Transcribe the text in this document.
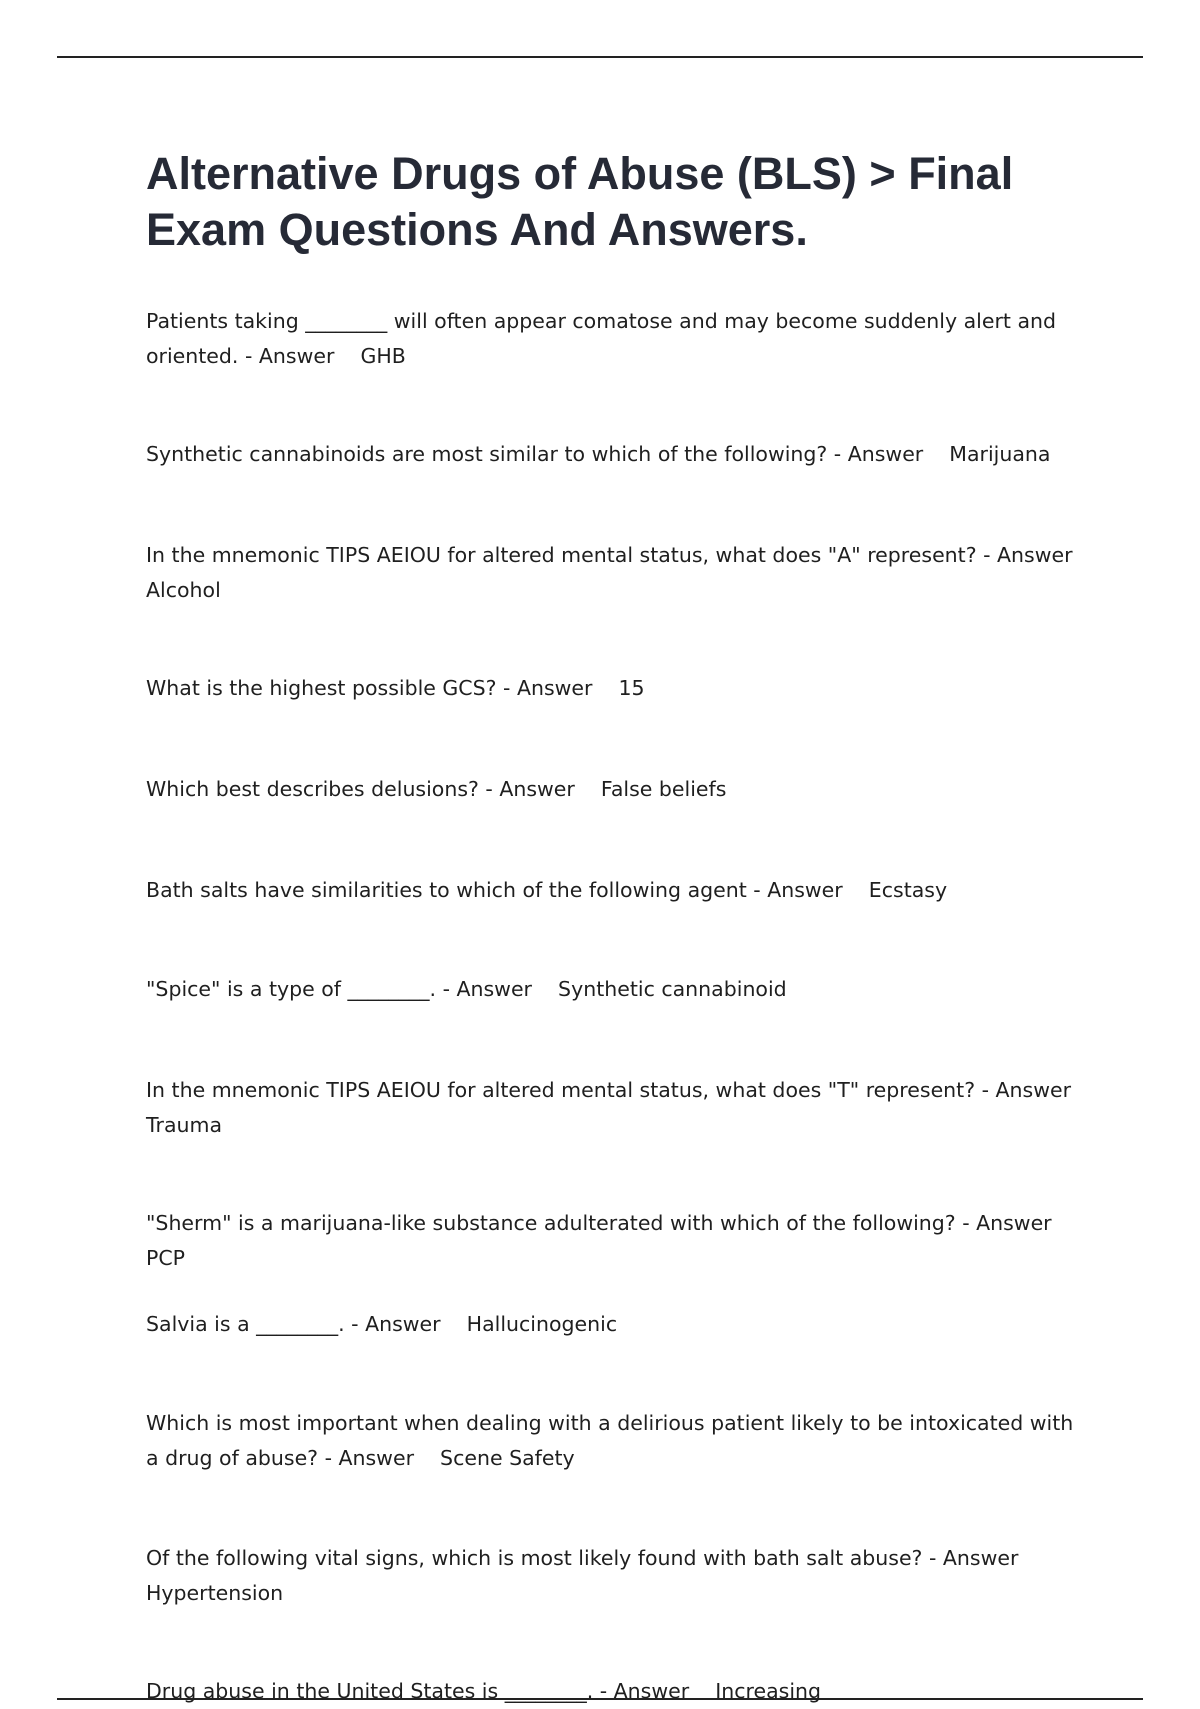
Alternative Drugs of Abuse (BLS) > Final Exam Questions And Answers.

Patients taking ________ will often appear comatose and may become suddenly alert and oriented. - Answer    GHB

Synthetic cannabinoids are most similar to which of the following? - Answer    Marijuana

In the mnemonic TIPS AEIOU for altered mental status, what does "A" represent? - Answer    Alcohol

What is the highest possible GCS? - Answer    15

Which best describes delusions? - Answer    False beliefs

Bath salts have similarities to which of the following agent - Answer    Ecstasy

"Spice" is a type of ________. - Answer    Synthetic cannabinoid

In the mnemonic TIPS AEIOU for altered mental status, what does "T" represent? - Answer    Trauma

"Sherm" is a marijuana-like substance adulterated with which of the following? - Answer    PCP

Salvia is a ________. - Answer    Hallucinogenic

Which is most important when dealing with a delirious patient likely to be intoxicated with a drug of abuse? - Answer    Scene Safety

Of the following vital signs, which is most likely found with bath salt abuse? - Answer    Hypertension

Drug abuse in the United States is ________. - Answer    Increasing
